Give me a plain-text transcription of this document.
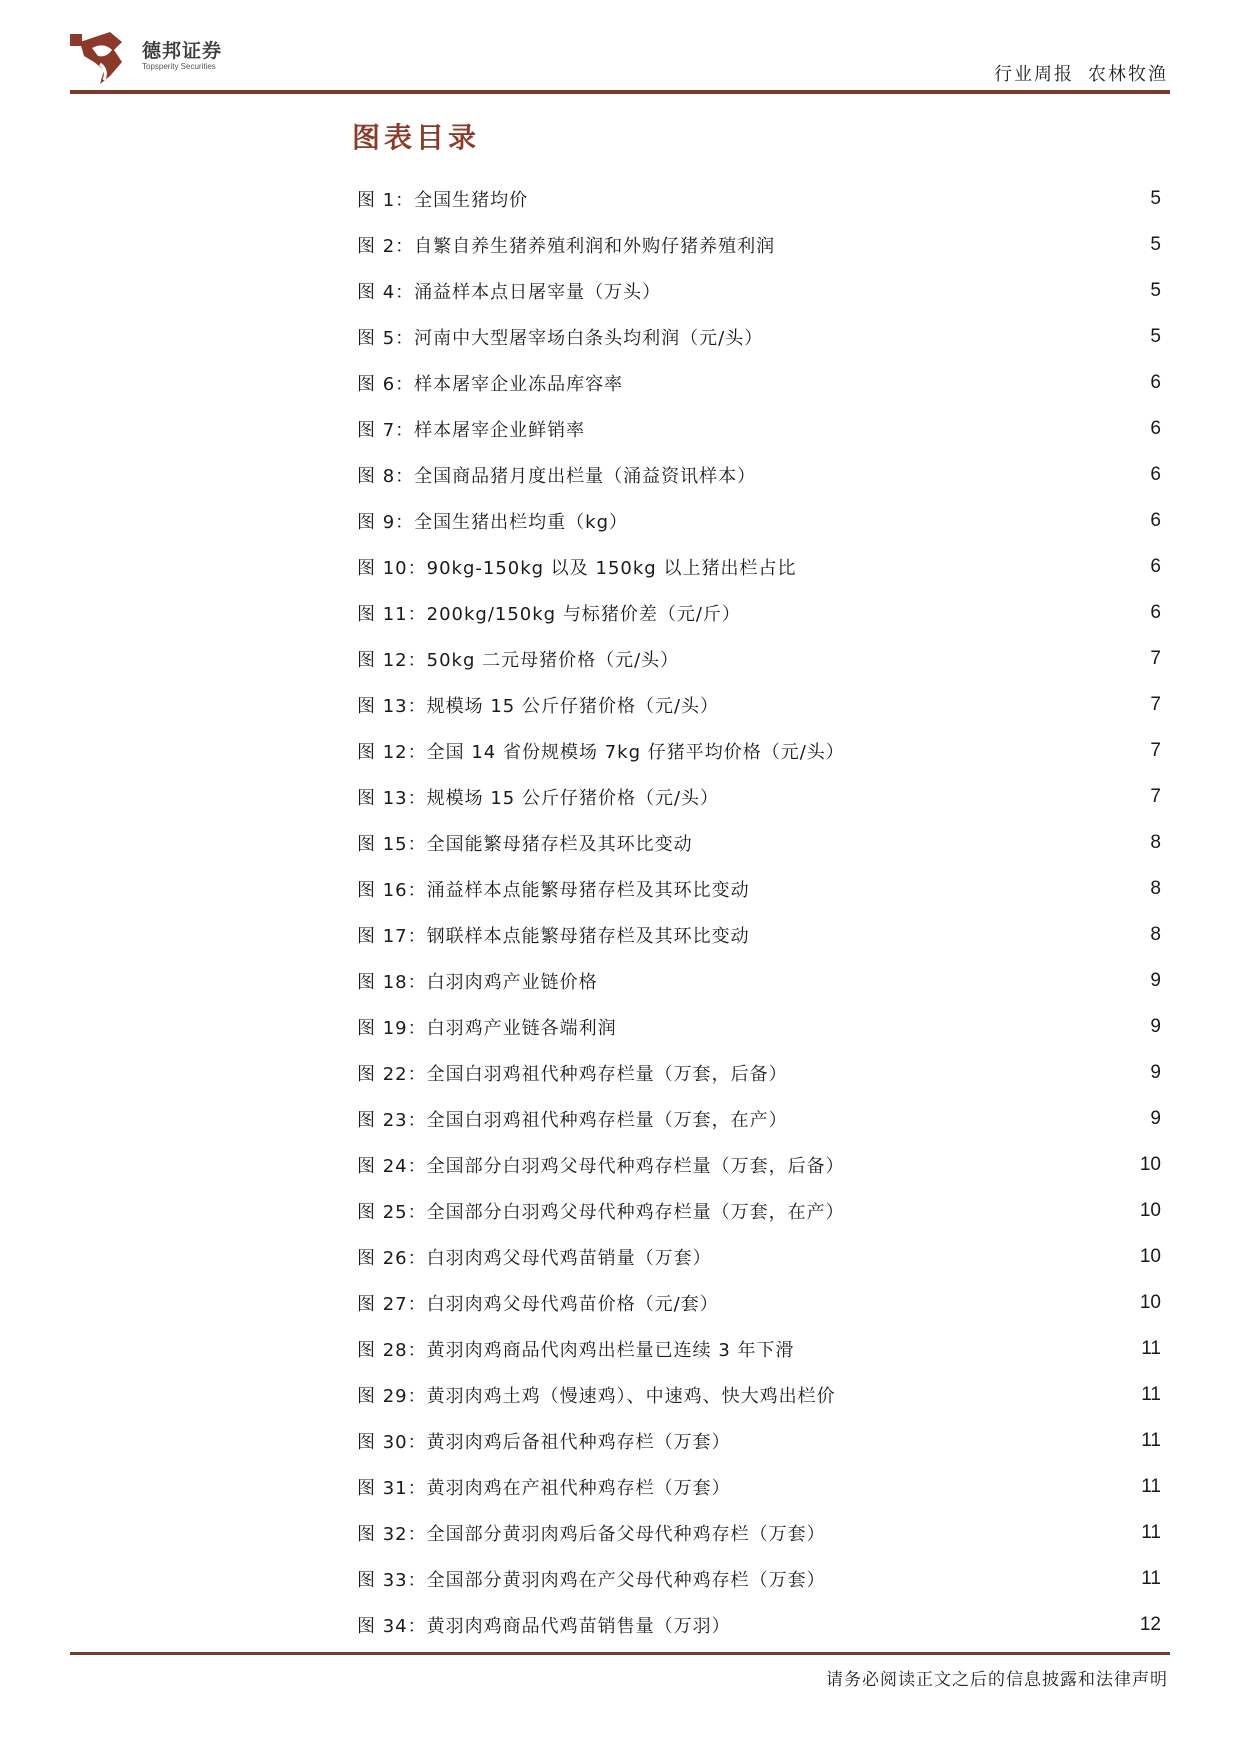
德邦证券
Topsperity Securities	行业周报 农林牧渔
图表目录
图 1：全国生猪均价	5
图 2：自繁自养生猪养殖利润和外购仔猪养殖利润	5
图 4：涌益样本点日屠宰量（万头）	5
图 5：河南中大型屠宰场白条头均利润（元/头）	5
图 6：样本屠宰企业冻品库容率	6
图 7：样本屠宰企业鲜销率	6
图 8：全国商品猪月度出栏量（涌益资讯样本）	6
图 9：全国生猪出栏均重（kg）	6
图 10：90kg-150kg 以及 150kg 以上猪出栏占比	6
图 11：200kg/150kg 与标猪价差（元/斤）	6
图 12：50kg 二元母猪价格（元/头）	7
图 13：规模场 15 公斤仔猪价格（元/头）	7
图 12：全国 14 省份规模场 7kg 仔猪平均价格（元/头）	7
图 13：规模场 15 公斤仔猪价格（元/头）	7
图 15：全国能繁母猪存栏及其环比变动	8
图 16：涌益样本点能繁母猪存栏及其环比变动	8
图 17：钢联样本点能繁母猪存栏及其环比变动	8
图 18：白羽肉鸡产业链价格	9
图 19：白羽鸡产业链各端利润	9
图 22：全国白羽鸡祖代种鸡存栏量（万套，后备）	9
图 23：全国白羽鸡祖代种鸡存栏量（万套，在产）	9
图 24：全国部分白羽鸡父母代种鸡存栏量（万套，后备）	10
图 25：全国部分白羽鸡父母代种鸡存栏量（万套，在产）	10
图 26：白羽肉鸡父母代鸡苗销量（万套）	10
图 27：白羽肉鸡父母代鸡苗价格（元/套）	10
图 28：黄羽肉鸡商品代肉鸡出栏量已连续 3 年下滑	11
图 29：黄羽肉鸡土鸡（慢速鸡）、中速鸡、快大鸡出栏价	11
图 30：黄羽肉鸡后备祖代种鸡存栏（万套）	11
图 31：黄羽肉鸡在产祖代种鸡存栏（万套）	11
图 32：全国部分黄羽肉鸡后备父母代种鸡存栏（万套）	11
图 33：全国部分黄羽肉鸡在产父母代种鸡存栏（万套）	11
图 34：黄羽肉鸡商品代鸡苗销售量（万羽）	12
请务必阅读正文之后的信息披露和法律声明
